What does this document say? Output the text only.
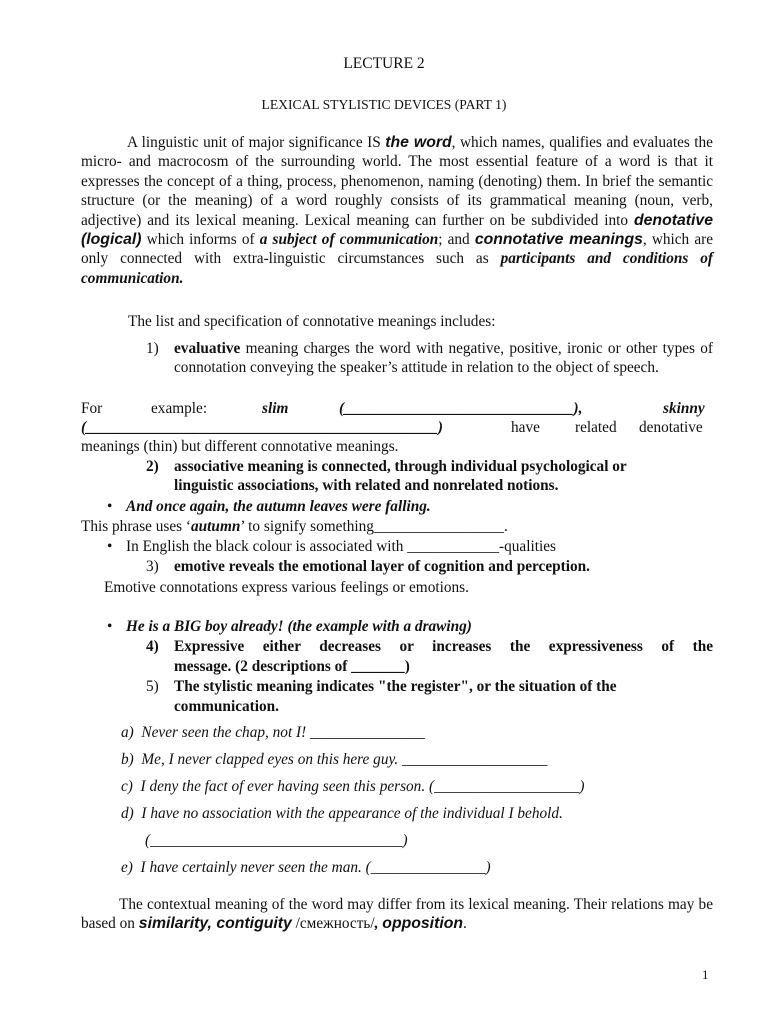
LECTURE 2
LEXICAL STYLISTIC DEVICES (PART 1)
A linguistic unit of major significance IS the word, which names, qualifies and evaluates the micro- and macrocosm of the surrounding world. The most essential feature of a word is that it expresses the concept of a thing, process, phenomenon, naming (denoting) them. In brief the semantic structure (or the meaning) of a word roughly consists of its grammatical meaning (noun, verb, adjective) and its lexical meaning. Lexical meaning can further on be subdivided into denotative (logical) which informs of a subject of communication; and connotative meanings, which are only connected with extra-linguistic circumstances such as participants and conditions of communication.
The list and specification of connotative meanings includes:
1) evaluative meaning charges the word with negative, positive, ironic or other types of connotation conveying the speaker’s attitude in relation to the object of speech.
For	example:	slim	(______________________________),	skinny
(______________________________________________)	have related denotative
meanings (thin) but different connotative meanings.
2) associative meaning is connected, through individual psychological or
linguistic associations, with related and nonrelated notions.
• And once again, the autumn leaves were falling.
This phrase uses ‘autumn’ to signify something_________________.
• In English the black colour is associated with ____________-qualities
3) emotive reveals the emotional layer of cognition and perception.
Emotive connotations express various feelings or emotions.
• He is a BIG boy already! (the example with a drawing)
4) Expressive either decreases or increases the expressiveness of the
message. (2 descriptions of _______)
5) The stylistic meaning indicates "the register", or the situation of the
communication.
a) Never seen the chap, not I! _______________
b) Me, I never clapped eyes on this here guy. ___________________
c) I deny the fact of ever having seen this person. (___________________)
d) I have no association with the appearance of the individual I behold.
(_________________________________)
e) I have certainly never seen the man. (_______________)
The contextual meaning of the word may differ from its lexical meaning. Their relations may be based on similarity, contiguity /смежность/, opposition.
1
